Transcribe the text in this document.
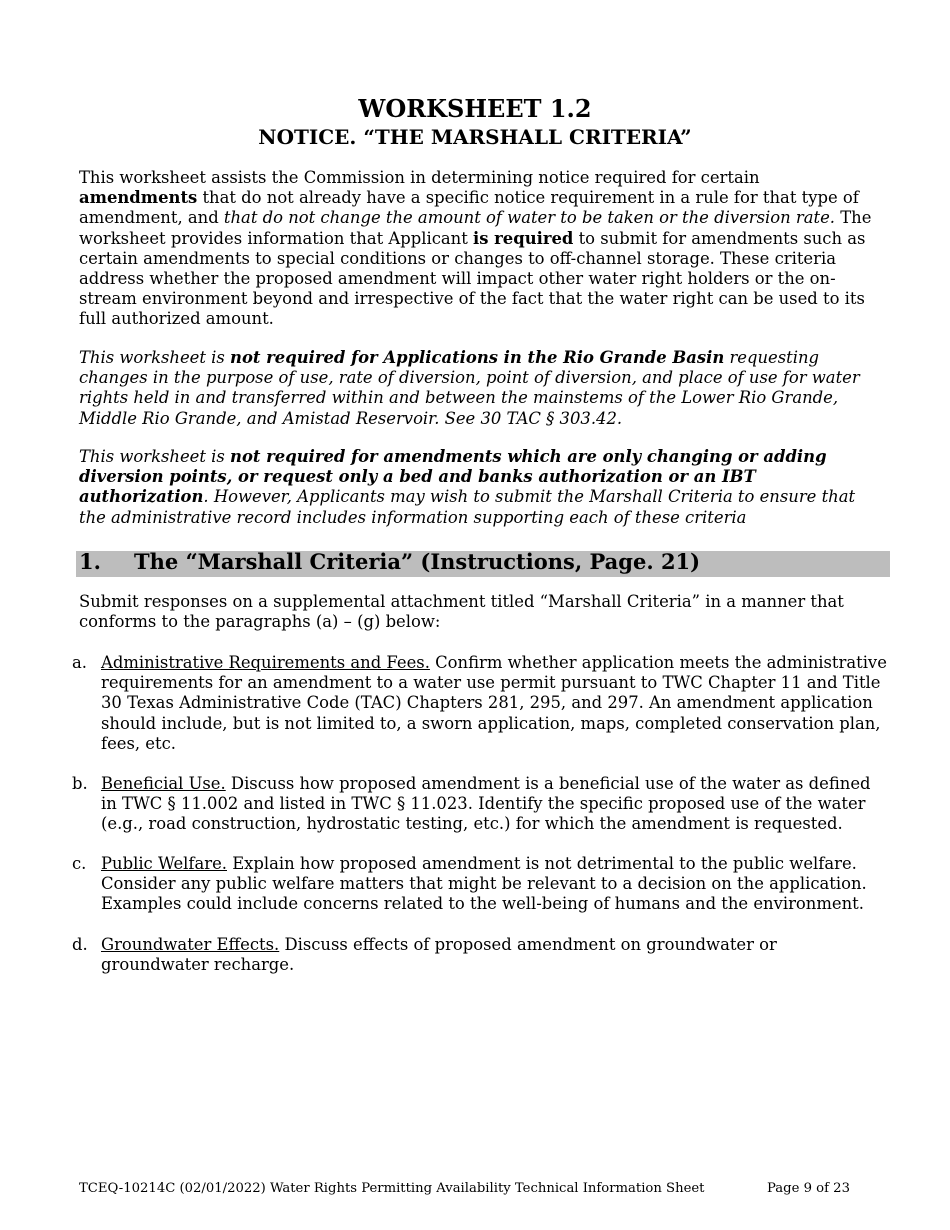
WORKSHEET 1.2
NOTICE. “THE MARSHALL CRITERIA”

This worksheet assists the Commission in determining notice required for certain amendments that do not already have a specific notice requirement in a rule for that type of amendment, and that do not change the amount of water to be taken or the diversion rate. The worksheet provides information that Applicant is required to submit for amendments such as certain amendments to special conditions or changes to off-channel storage. These criteria address whether the proposed amendment will impact other water right holders or the on- stream environment beyond and irrespective of the fact that the water right can be used to its full authorized amount.

This worksheet is not required for Applications in the Rio Grande Basin requesting changes in the purpose of use, rate of diversion, point of diversion, and place of use for water rights held in and transferred within and between the mainstems of the Lower Rio Grande, Middle Rio Grande, and Amistad Reservoir. See 30 TAC § 303.42.

This worksheet is not required for amendments which are only changing or adding diversion points, or request only a bed and banks authorization or an IBT authorization. However, Applicants may wish to submit the Marshall Criteria to ensure that the administrative record includes information supporting each of these criteria

1. The “Marshall Criteria” (Instructions, Page. 21)

Submit responses on a supplemental attachment titled “Marshall Criteria” in a manner that conforms to the paragraphs (a) – (g) below:

a. Administrative Requirements and Fees. Confirm whether application meets the administrative requirements for an amendment to a water use permit pursuant to TWC Chapter 11 and Title 30 Texas Administrative Code (TAC) Chapters 281, 295, and 297. An amendment application should include, but is not limited to, a sworn application, maps, completed conservation plan, fees, etc.
b. Beneficial Use. Discuss how proposed amendment is a beneficial use of the water as defined in TWC § 11.002 and listed in TWC § 11.023. Identify the specific proposed use of the water (e.g., road construction, hydrostatic testing, etc.) for which the amendment is requested.
c. Public Welfare. Explain how proposed amendment is not detrimental to the public welfare. Consider any public welfare matters that might be relevant to a decision on the application. Examples could include concerns related to the well-being of humans and the environment.
d. Groundwater Effects. Discuss effects of proposed amendment on groundwater or groundwater recharge.

TCEQ-10214C (02/01/2022) Water Rights Permitting Availability Technical Information Sheet	Page 9 of 23
